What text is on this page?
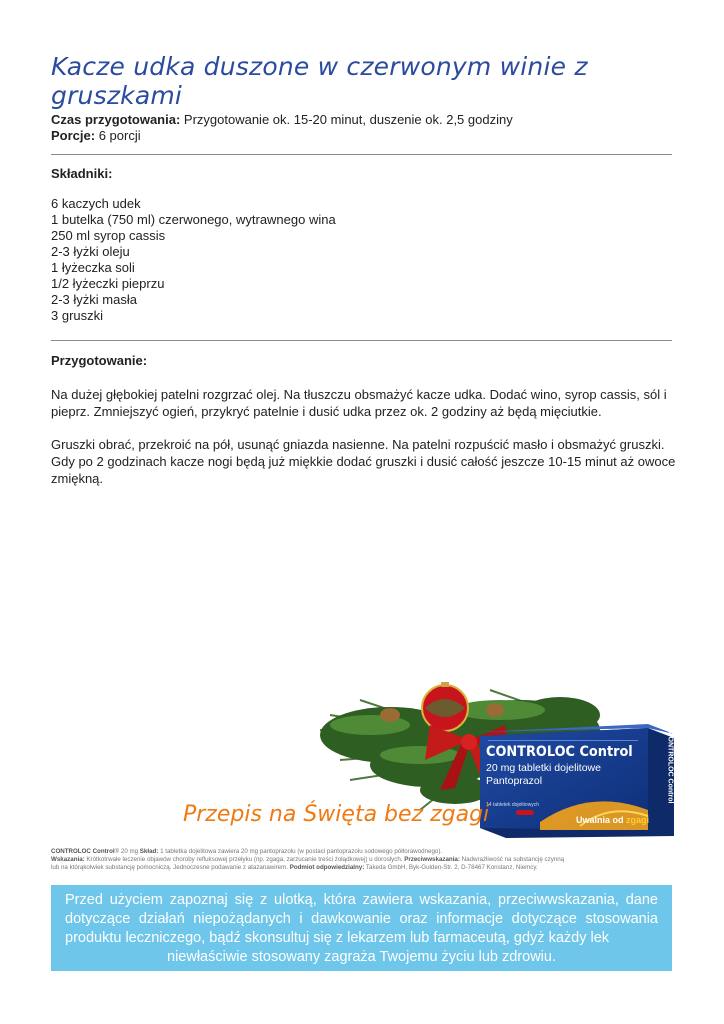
Kacze udka duszone w czerwonym winie z gruszkami
Czas przygotowania: Przygotowanie ok. 15-20 minut, duszenie ok. 2,5 godziny
Porcje: 6 porcji
Składniki:
6 kaczych udek
1 butelka (750 ml) czerwonego, wytrawnego wina
250 ml syrop cassis
2-3 łyżki oleju
1 łyżeczka soli
1/2 łyżeczki pieprzu
2-3 łyżki masła
3 gruszki
Przygotowanie:

Na dużej głębokiej patelni rozgrzać olej. Na tłuszczu obsmażyć kacze udka. Dodać wino, syrop cassis, sól i pieprz. Zmniejszyć ogień, przykryć patelnie i dusić udka przez ok. 2 godziny aż będą mięciutkie.

Gruszki obrać, przekroić na pół, usunąć gniazda nasienne. Na patelni rozpuścić masło i obsmażyć gruszki. Gdy po 2 godzinach kacze nogi będą już miękkie dodać gruszki i dusić całość jeszcze 10-15 minut aż owoce zmiękną.

CONTROLOC Control
20 mg tabletki dojelitowe
Pantoprazol
14 tabletek dojelitowych
Uwalnia od zgagi
CONTROLOC Control
Przepis na Święta bez zgagi
CONTROLOC Control® 20 mg Skład: 1 tabletka dojelitowa zawiera 20 mg pantoprazolu (w postaci pantoprazolu sodowego półtorawodnego).
Wskazania: Krótkotrwałe leczenie objawów choroby refluksowej przełyku (np. zgaga, zarzucanie treści żołądkowej) u dorosłych. Przeciwwskazania: Nadwrażliwość na substancję czynną
lub na którąkolwiek substancję pomocniczą. Jednoczesne podawanie z atazanawirem. Podmiot odpowiedzialny: Takeda GmbH, Byk-Gulden-Str. 2, D-78467 Konstanz, Niemcy.
Przed użyciem zapoznaj się z ulotką, która zawiera wskazania, przeciwwskazania, dane dotyczące działań niepożądanych i dawkowanie oraz informacje dotyczące stosowania produktu leczniczego, bądź skonsultuj się z lekarzem lub farmaceutą, gdyż każdy lek
niewłaściwie stosowany zagraża Twojemu życiu lub zdrowiu.
